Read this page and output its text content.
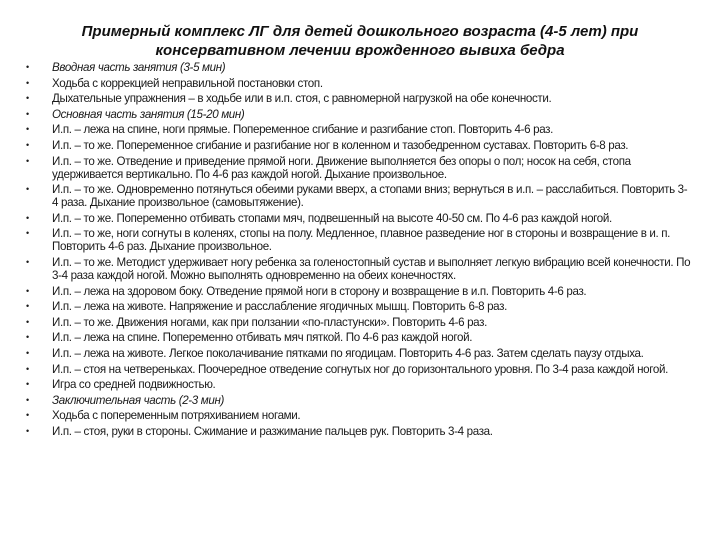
Примерный комплекс ЛГ для детей дошкольного возраста (4-5 лет) при консервативном лечении врожденного вывиха бедра
• Вводная часть занятия (3-5 мин)
• Ходьба с коррекцией неправильной постановки стоп.
• Дыхательные упражнения – в ходьбе или в и.п. стоя, с равномерной нагрузкой на обе конечности.
• Основная часть занятия (15-20 мин)
• И.п. – лежа на спине, ноги прямые. Попеременное сгибание и разгибание стоп. Повторить 4-6 раз.
• И.п. – то же. Попеременное сгибание и разгибание ног в коленном и тазобедренном суставах. Повторить 6-8 раз.
• И.п. – то же. Отведение и приведение прямой ноги. Движение выполняется без опоры о пол; носок на себя, стопа удерживается вертикально. По 4-6 раз каждой ногой. Дыхание произвольное.
• И.п. – то же. Одновременно потянуться обеими руками вверх, а стопами вниз; вернуться в и.п. – расслабиться. Повторить 3-4 раза. Дыхание произвольное (самовытяжение).
• И.п. – то же. Попеременно отбивать стопами мяч, подвешенный на высоте 40-50 см. По 4-6 раз каждой ногой.
• И.п. – то же, ноги согнуты в коленях, стопы на полу. Медленное, плавное разведение ног в стороны и возвращение в и. п. Повторить 4-6 раз. Дыхание произвольное.
• И.п. – то же. Методист удерживает ногу ребенка за голеностопный сустав и выполняет легкую вибрацию всей конечности. По 3-4 раза каждой ногой. Можно выполнять одновременно на обеих конечностях.
• И.п. – лежа на здоровом боку. Отведение прямой ноги в сторону и возвращение в и.п. Повторить 4-6 раз.
• И.п. – лежа на животе. Напряжение и расслабление ягодичных мышц. Повторить 6-8 раз.
• И.п. – то же. Движения ногами, как при ползании «по-пластунски». Повторить 4-6 раз.
• И.п. – лежа на спине. Попеременно отбивать мяч пяткой. По 4-6 раз каждой ногой.
• И.п. – лежа на животе. Легкое поколачивание пятками по ягодицам. Повторить 4-6 раз. Затем сделать паузу отдыха.
• И.п. – стоя на четвереньках. Поочередное отведение согнутых ног до горизонтального уровня. По 3-4 раза каждой ногой.
• Игра со средней подвижностью.
• Заключительная часть (2-3 мин)
• Ходьба с попеременным потряхиванием ногами.
• И.п. – стоя, руки в стороны. Сжимание и разжимание пальцев рук. Повторить 3-4 раза.
